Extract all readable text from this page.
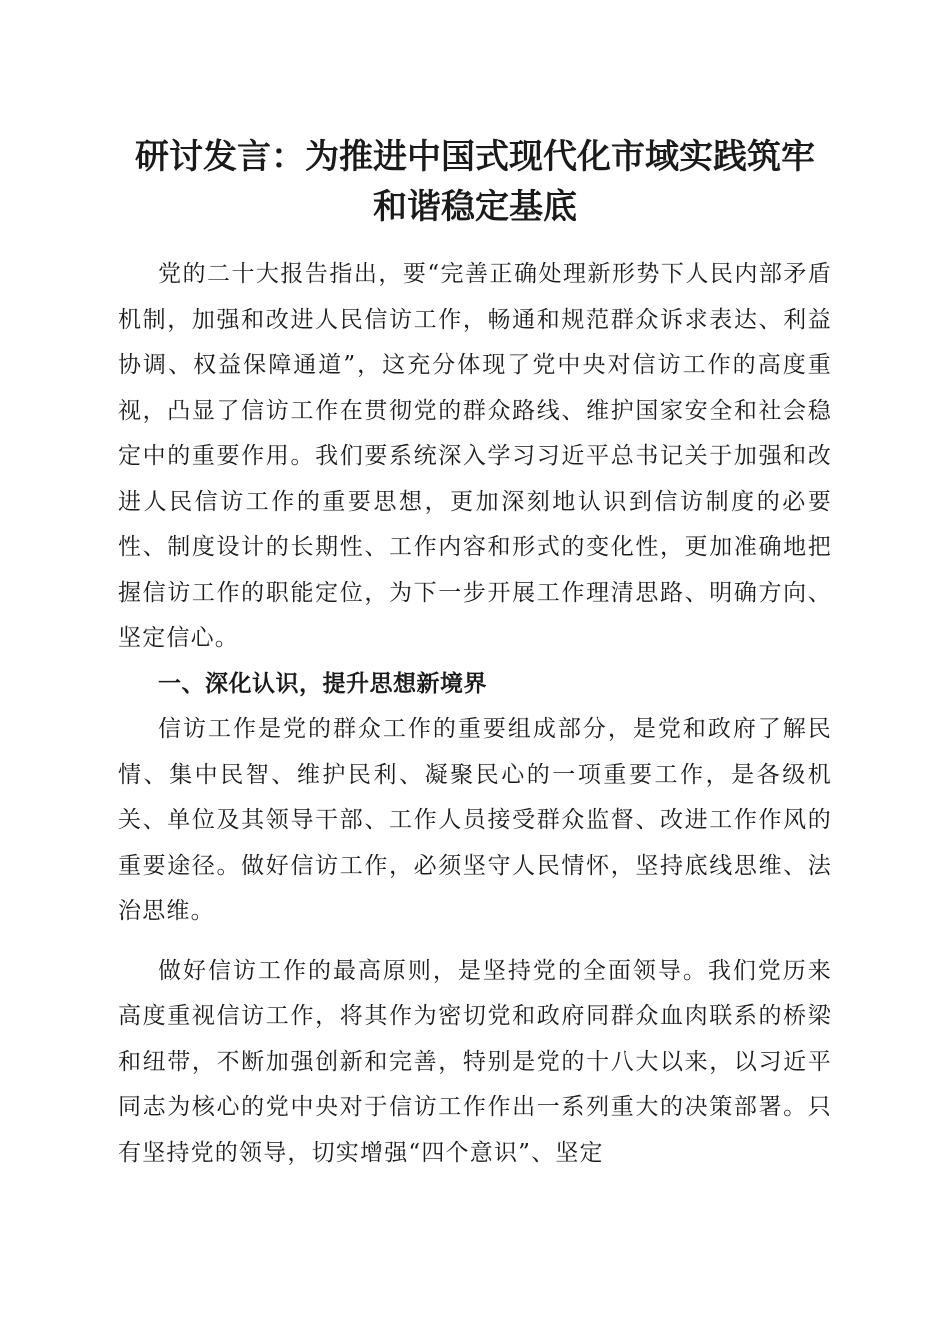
研讨发言：为推进中国式现代化市域实践筑牢
和谐稳定基底

党的二十大报告指出，要“完善正确处理新形势下人民内部矛盾机制，加强和改进人民信访工作，畅通和规范群众诉求表达、利益协调、权益保障通道”，这充分体现了党中央对信访工作的高度重视，凸显了信访工作在贯彻党的群众路线、维护国家安全和社会稳定中的重要作用。我们要系统深入学习习近平总书记关于加强和改进人民信访工作的重要思想，更加深刻地认识到信访制度的必要性、制度设计的长期性、工作内容和形式的变化性，更加准确地把握信访工作的职能定位，为下一步开展工作理清思路、明确方向、坚定信心。

一、深化认识，提升思想新境界

信访工作是党的群众工作的重要组成部分，是党和政府了解民情、集中民智、维护民利、凝聚民心的一项重要工作，是各级机关、单位及其领导干部、工作人员接受群众监督、改进工作作风的重要途径。做好信访工作，必须坚守人民情怀，坚持底线思维、法治思维。

做好信访工作的最高原则，是坚持党的全面领导。我们党历来高度重视信访工作，将其作为密切党和政府同群众血肉联系的桥梁和纽带，不断加强创新和完善，特别是党的十八大以来，以习近平同志为核心的党中央对于信访工作作出一系列重大的决策部署。只有坚持党的领导，切实增强“四个意识”、坚定
